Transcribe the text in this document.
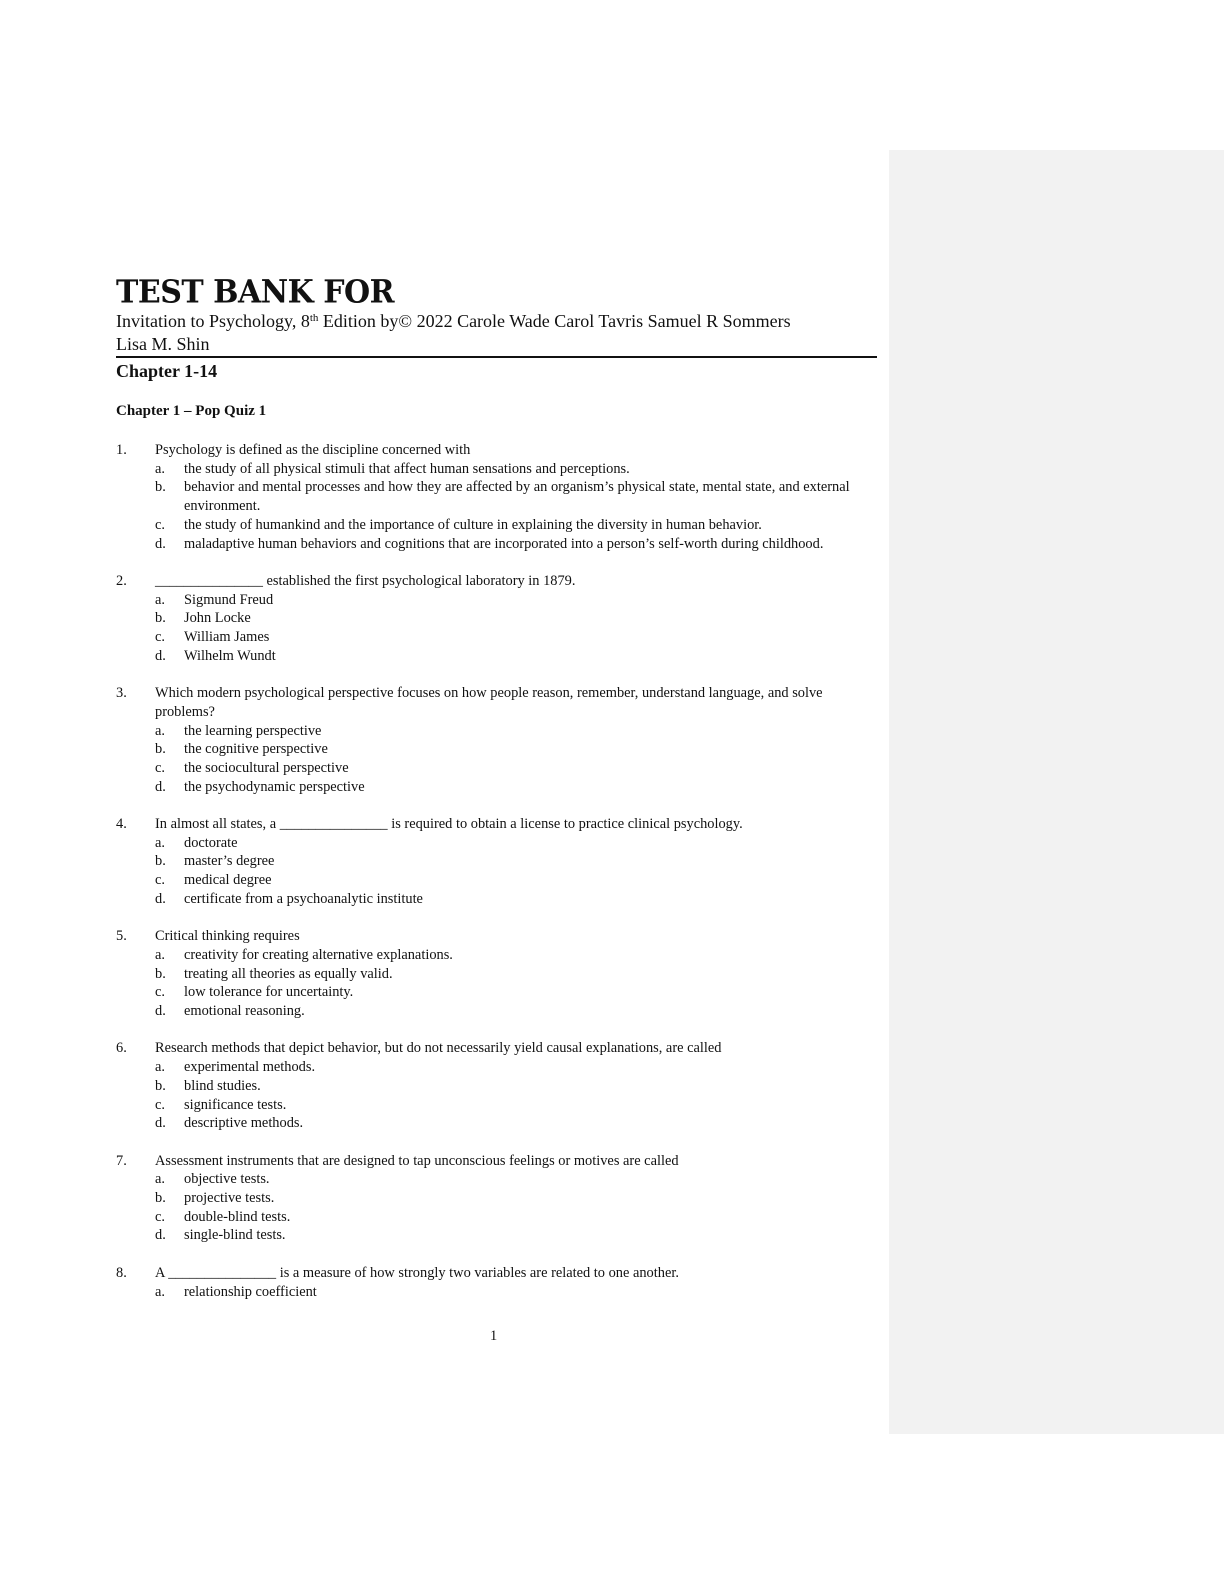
TEST BANK FOR
Invitation to Psychology, 8th Edition by© 2022 Carole Wade Carol Tavris Samuel R Sommers
Lisa M. Shin
Chapter 1-14
Chapter 1 – Pop Quiz 1
1. Psychology is defined as the discipline concerned with
a. the study of all physical stimuli that affect human sensations and perceptions.
b. behavior and mental processes and how they are affected by an organism’s physical state, mental state, and external environment.
c. the study of humankind and the importance of culture in explaining the diversity in human behavior.
d. maladaptive human behaviors and cognitions that are incorporated into a person’s self-worth during childhood.
2. _______________ established the first psychological laboratory in 1879.
a. Sigmund Freud
b. John Locke
c. William James
d. Wilhelm Wundt
3. Which modern psychological perspective focuses on how people reason, remember, understand language, and solve problems?
a. the learning perspective
b. the cognitive perspective
c. the sociocultural perspective
d. the psychodynamic perspective
4. In almost all states, a _______________ is required to obtain a license to practice clinical psychology.
a. doctorate
b. master’s degree
c. medical degree
d. certificate from a psychoanalytic institute
5. Critical thinking requires
a. creativity for creating alternative explanations.
b. treating all theories as equally valid.
c. low tolerance for uncertainty.
d. emotional reasoning.
6. Research methods that depict behavior, but do not necessarily yield causal explanations, are called
a. experimental methods.
b. blind studies.
c. significance tests.
d. descriptive methods.
7. Assessment instruments that are designed to tap unconscious feelings or motives are called
a. objective tests.
b. projective tests.
c. double-blind tests.
d. single-blind tests.
8. A _______________ is a measure of how strongly two variables are related to one another.
a. relationship coefficient
1
